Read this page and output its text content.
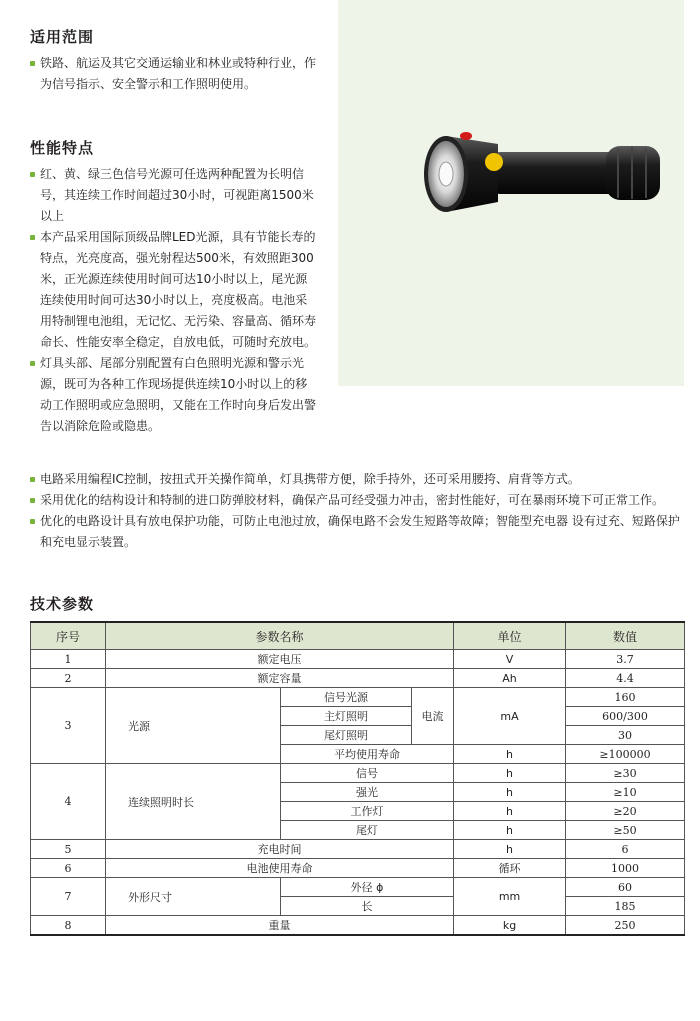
适用范围
铁路、航运及其它交通运输业和林业或特种行业，作为信号指示、安全警示和工作照明使用。
性能特点
红、黄、绿三色信号光源可任选两种配置为长明信号，其连续工作时间超过30小时，可视距离1500米以上
本产品采用国际顶级品牌LED光源，具有节能长寿的特点，光亮度高，强光射程达500米，有效照距300米，正光源连续使用时间可达10小时以上，尾光源连续使用时间可达30小时以上，亮度极高。电池采用特制锂电池组，无记忆、无污染、容量高、循环寿命长、性能安率全稳定，自放电低，可随时充放电。
灯具头部、尾部分别配置有白色照明光源和警示光源，既可为各种工作现场提供连续10小时以上的移动工作照明或应急照明，又能在工作时向身后发出警告以消除危险或隐患。
电路采用编程IC控制，按扭式开关操作简单，灯具携带方便，除手持外，还可采用腰挎、肩背等方式。
采用优化的结构设计和特制的进口防弹胶材料，确保产品可经受强力冲击，密封性能好，可在暴雨环境下可正常工作。
优化的电路设计具有放电保护功能，可防止电池过放，确保电路不会发生短路等故障；智能型充电器 设有过充、短路保护和充电显示装置。
技术参数
序号	参数名称			单位	数值
1	额定电压			V	3.7
2	额定容量			Ah	4.4
3	光源	信号光源	电流	mA	160
		主灯照明			600/300
		尾灯照明			30
		平均使用寿命		h	≥100000
4	连续照明时长	信号		h	≥30
		强光		h	≥10
		工作灯		h	≥20
		尾灯		h	≥50
5	充电时间			h	6
6	电池使用寿命			循环	1000
7	外形尺寸	外径 ϕ		mm	60
		长			185
8	重量			kg	250
